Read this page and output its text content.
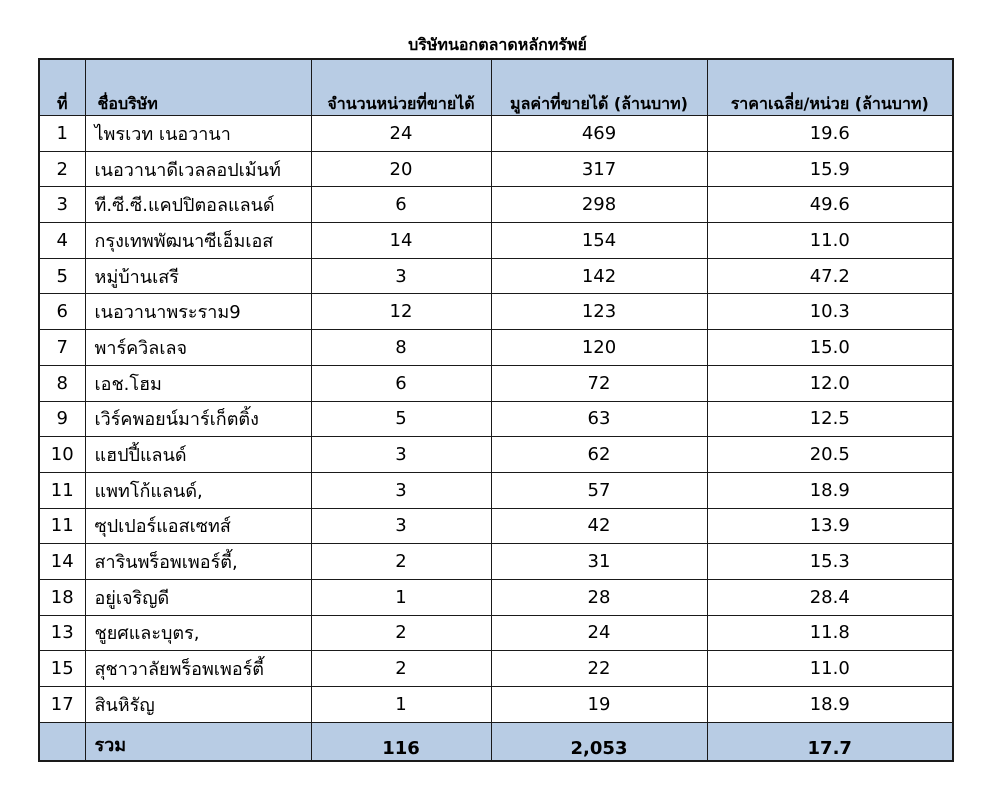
บริษัทนอกตลาดหลักทรัพย์
ที่	ชื่อบริษัท	จำนวนหน่วยที่ขายได้	มูลค่าที่ขายได้ (ล้านบาท)	ราคาเฉลี่ย/หน่วย (ล้านบาท)
1	ไพรเวท เนอวานา	24	469	19.6
2	เนอวานาดีเวลลอปเม้นท์	20	317	15.9
3	ที.ซี.ซี.แคปปิตอลแลนด์	6	298	49.6
4	กรุงเทพพัฒนาซีเอ็มเอส	14	154	11.0
5	หมู่บ้านเสรี	3	142	47.2
6	เนอวานาพระราม9	12	123	10.3
7	พาร์ควิลเลจ	8	120	15.0
8	เอช.โฮม	6	72	12.0
9	เวิร์คพอยน์มาร์เก็ตติ้ง	5	63	12.5
10	แฮปปี้แลนด์	3	62	20.5
11	แพทโก้แลนด์,	3	57	18.9
11	ซุปเปอร์แอสเซทส์	3	42	13.9
14	สารินพร็อพเพอร์ตี้,	2	31	15.3
18	อยู่เจริญดี	1	28	28.4
13	ชูยศและบุตร,	2	24	11.8
15	สุชาวาลัยพร็อพเพอร์ตี้	2	22	11.0
17	สินหิรัญ	1	19	18.9
	รวม	116	2,053	17.7
